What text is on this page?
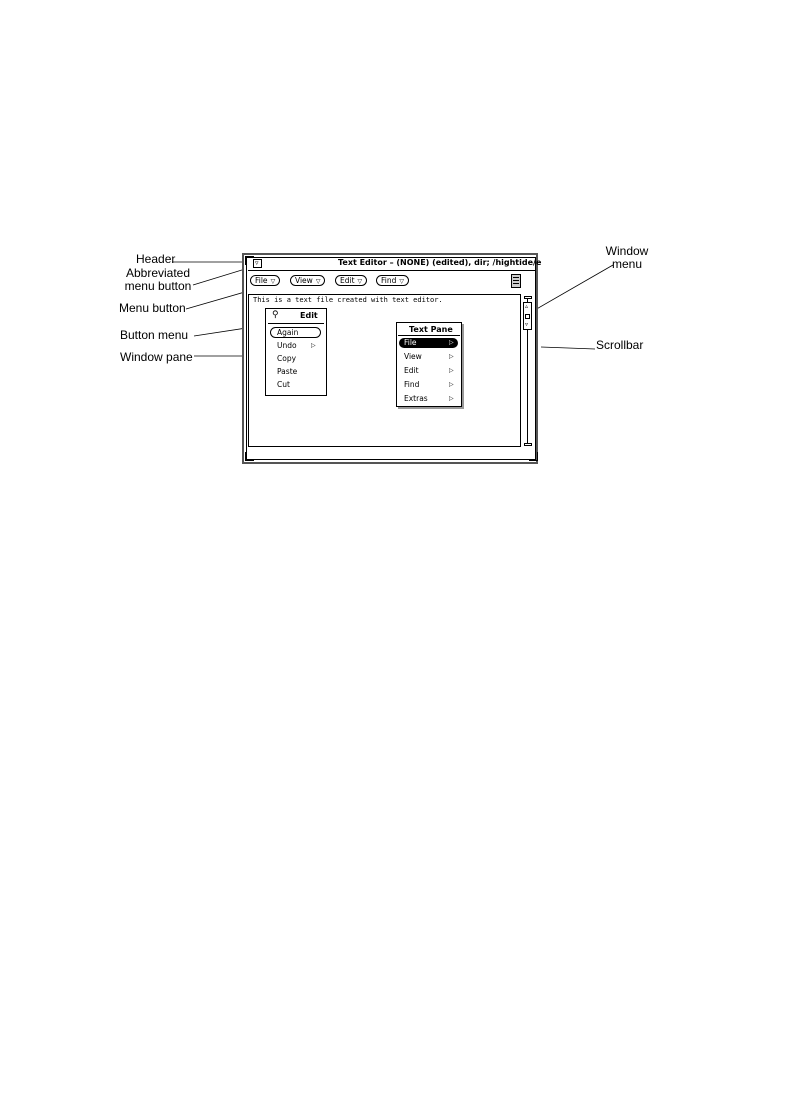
Header
Abbreviated
menu button
Menu button
Button menu
Window pane
Window
menu
Scrollbar
▿	Text Editor – (NONE) (edited), dir; /hightide/e
File ▽	View ▽	Edit ▽	Find ▽
This is a text file created with text editor.
▵
▿
⚲	Edit
Again
Undo ▷
Copy
Paste
Cut
Text Pane
File	▷
View	▷
Edit	▷
Find	▷
Extras	▷
